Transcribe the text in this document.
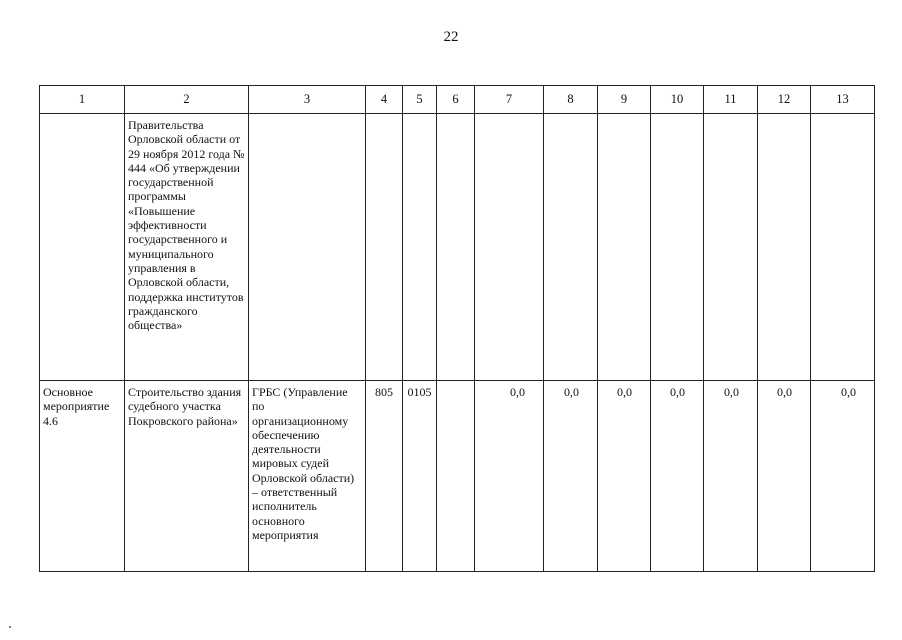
22
1	2	3	4	5	6	7	8	9	10	11	12	13

	Правительства Орловской области от 29 ноября 2012 года № 444 «Об утверждении государственной программы «Повышение эффективности государственного и муниципального управления в Орловской области, поддержка институтов гражданского общества»											

Основное мероприятие 4.6	Строительство здания судебного участка Покровского района»	ГРБС (Управление по организационному обеспечению деятельности мировых судей Орловской области) – ответственный исполнитель основного мероприятия	805	0105		0,0	0,0	0,0	0,0	0,0	0,0	0,0
